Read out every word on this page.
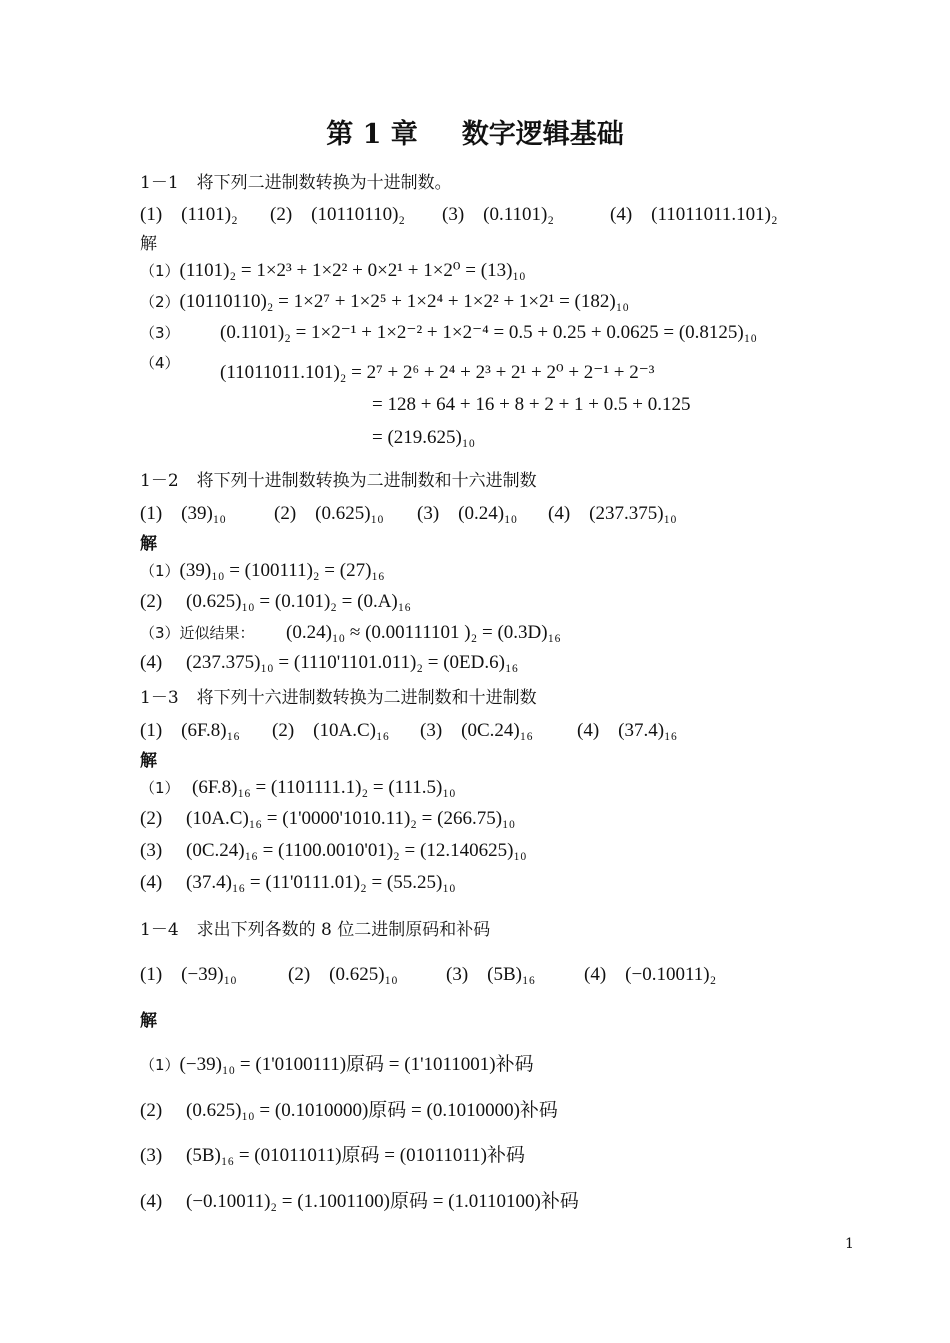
第 1 章 数字逻辑基础
1－1 将下列二进制数转换为十进制数。
(1)　(1101)₂ (2)　(10110110)₂ (3)　(0.1101)₂	(4)　(11011011.101)₂
解
（1）(1101)₂ = 1×2³ + 1×2² + 0×2¹ + 1×2⁰ = (13)₁₀
（2）(10110110)₂ = 1×2⁷ + 1×2⁵ + 1×2⁴ + 1×2² + 1×2¹ = (182)₁₀
（3） (0.1101)₂ = 1×2⁻¹ + 1×2⁻² + 1×2⁻⁴ = 0.5 + 0.25 + 0.0625 = (0.8125)₁₀
（4） (11011011.101)₂ = 2⁷ + 2⁶ + 2⁴ + 2³ + 2¹ + 2⁰ + 2⁻¹ + 2⁻³
= 128 + 64 + 16 + 8 + 2 + 1 + 0.5 + 0.125
= (219.625)₁₀
1－2 将下列十进制数转换为二进制数和十六进制数
(1)　(39)₁₀	(2)　(0.625)₁₀ (3)　(0.24)₁₀ (4)　(237.375)₁₀
解
（1）(39)₁₀ = (100111)₂ = (27)₁₆
(2) (0.625)₁₀ = (0.101)₂ = (0.A)₁₆
（3）近似结果： (0.24)₁₀ ≈ (0.00111101 )₂ = (0.3D)₁₆
(4) (237.375)₁₀ = (1110'1101.011)₂ = (0ED.6)₁₆
1－3 将下列十六进制数转换为二进制数和十进制数
(1)　(6F.8)₁₆ (2)　(10A.C)₁₆ (3)　(0C.24)₁₆ (4)　(37.4)₁₆
解
（1） (6F.8)₁₆ = (1101111.1)₂ = (111.5)₁₀
(2) (10A.C)₁₆ = (1'0000'1010.11)₂ = (266.75)₁₀
(3) (0C.24)₁₆ = (1100.0010'01)₂ = (12.140625)₁₀
(4) (37.4)₁₆ = (11'0111.01)₂ = (55.25)₁₀
1－4 求出下列各数的 8 位二进制原码和补码
(1)　(−39)₁₀	(2)　(0.625)₁₀	(3)　(5B)₁₆	(4)　(−0.10011)₂
解
（1）(−39)₁₀ = (1'0100111)原码 = (1'1011001)补码
(2) (0.625)₁₀ = (0.1010000)原码 = (0.1010000)补码
(3) (5B)₁₆ = (01011011)原码 = (01011011)补码
(4) (−0.10011)₂ = (1.1001100)原码 = (1.0110100)补码
1
